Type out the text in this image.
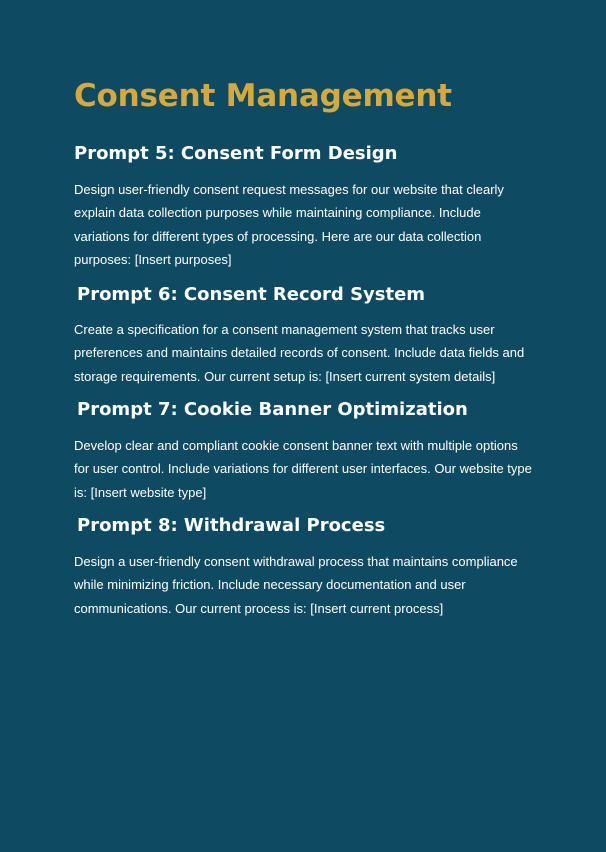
Consent Management
Prompt 5: Consent Form Design

Design user-friendly consent request messages for our website that clearly explain data collection purposes while maintaining compliance. Include variations for different types of processing. Here are our data collection purposes: [Insert purposes]

Prompt 6: Consent Record System

Create a specification for a consent management system that tracks user preferences and maintains detailed records of consent. Include data fields and storage requirements. Our current setup is: [Insert current system details]

Prompt 7: Cookie Banner Optimization

Develop clear and compliant cookie consent banner text with multiple options for user control. Include variations for different user interfaces. Our website type is: [Insert website type]

Prompt 8: Withdrawal Process

Design a user-friendly consent withdrawal process that maintains compliance while minimizing friction. Include necessary documentation and user communications. Our current process is: [Insert current process]
